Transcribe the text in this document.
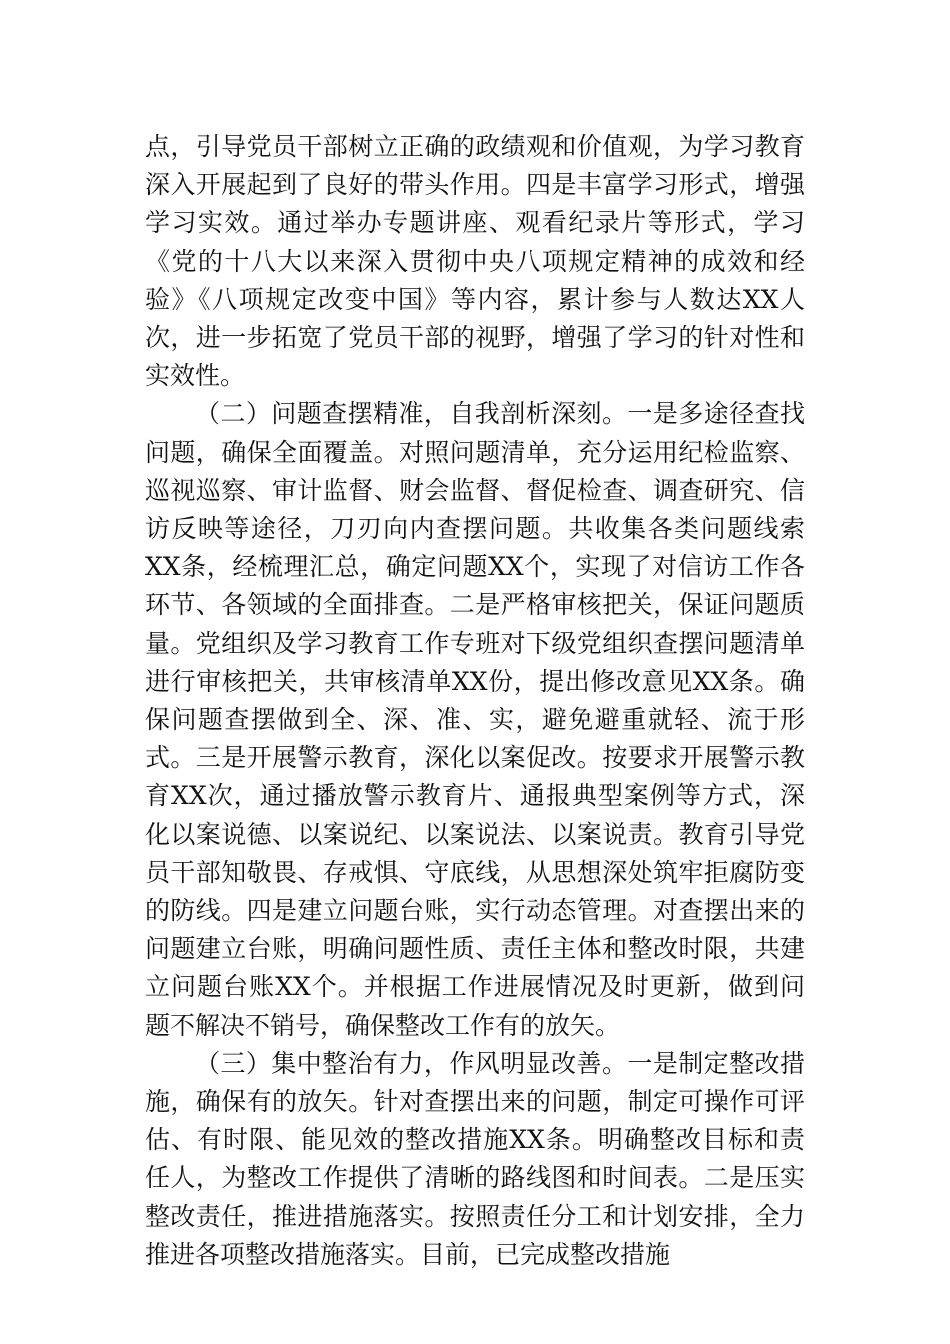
点，引导党员干部树立正确的政绩观和价值观，为学习教育深入开展起到了良好的带头作用。四是丰富学习形式，增强学习实效。通过举办专题讲座、观看纪录片等形式，学习《党的十八大以来深入贯彻中央八项规定精神的成效和经验》《八项规定改变中国》等内容，累计参与人数达XX人次，进一步拓宽了党员干部的视野，增强了学习的针对性和实效性。

（二）问题查摆精准，自我剖析深刻。一是多途径查找问题，确保全面覆盖。对照问题清单，充分运用纪检监察、巡视巡察、审计监督、财会监督、督促检查、调查研究、信访反映等途径，刀刃向内查摆问题。共收集各类问题线索XX条，经梳理汇总，确定问题XX个，实现了对信访工作各环节、各领域的全面排查。二是严格审核把关，保证问题质量。党组织及学习教育工作专班对下级党组织查摆问题清单进行审核把关，共审核清单XX份，提出修改意见XX条。确保问题查摆做到全、深、准、实，避免避重就轻、流于形式。三是开展警示教育，深化以案促改。按要求开展警示教育XX次，通过播放警示教育片、通报典型案例等方式，深化以案说德、以案说纪、以案说法、以案说责。教育引导党员干部知敬畏、存戒惧、守底线，从思想深处筑牢拒腐防变的防线。四是建立问题台账，实行动态管理。对查摆出来的问题建立台账，明确问题性质、责任主体和整改时限，共建立问题台账XX个。并根据工作进展情况及时更新，做到问题不解决不销号，确保整改工作有的放矢。

（三）集中整治有力，作风明显改善。一是制定整改措施，确保有的放矢。针对查摆出来的问题，制定可操作可评估、有时限、能见效的整改措施XX条。明确整改目标和责任人，为整改工作提供了清晰的路线图和时间表。二是压实整改责任，推进措施落实。按照责任分工和计划安排，全力推进各项整改措施落实。目前，已完成整改措施
